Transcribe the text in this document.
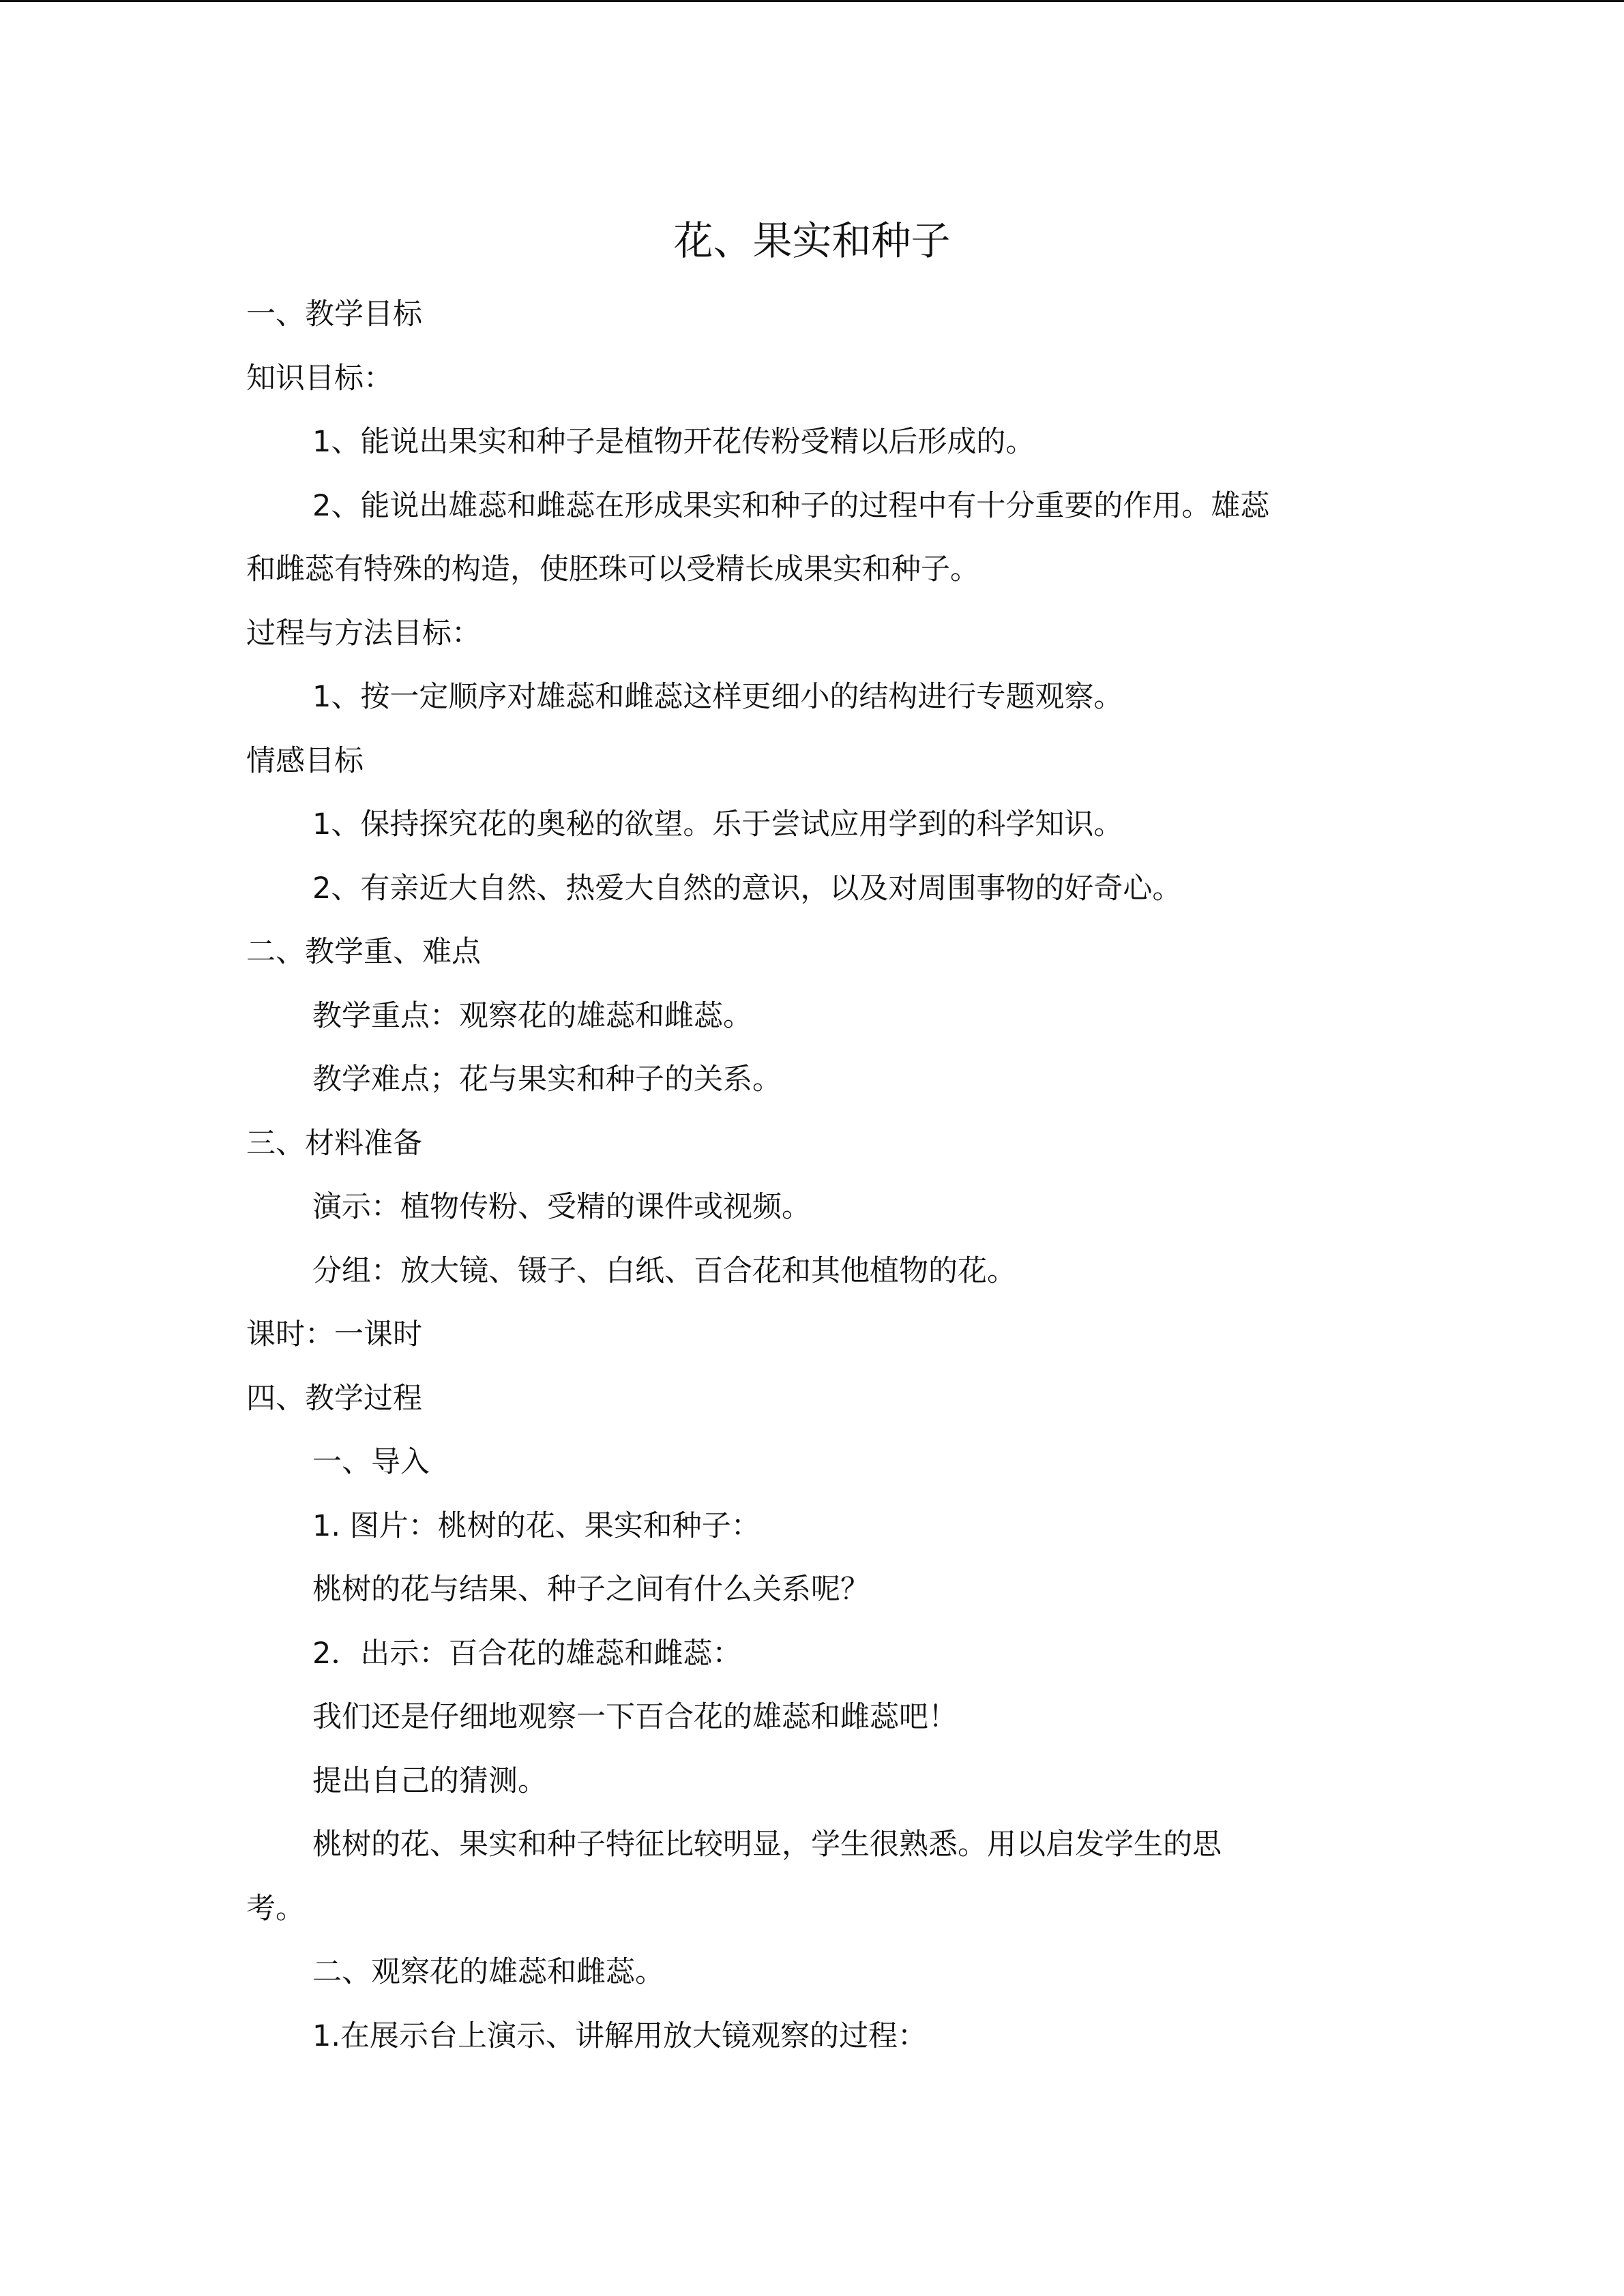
花、果实和种子
一、教学目标
知识目标：
1、能说出果实和种子是植物开花传粉受精以后形成的。
2、能说出雄蕊和雌蕊在形成果实和种子的过程中有十分重要的作用。雄蕊
和雌蕊有特殊的构造，使胚珠可以受精长成果实和种子。
过程与方法目标：
1、按一定顺序对雄蕊和雌蕊这样更细小的结构进行专题观察。
情感目标
1、保持探究花的奥秘的欲望。乐于尝试应用学到的科学知识。
2、有亲近大自然、热爱大自然的意识，以及对周围事物的好奇心。
二、教学重、难点
教学重点：观察花的雄蕊和雌蕊。
教学难点；花与果实和种子的关系。
三、材料准备
演示：植物传粉、受精的课件或视频。
分组：放大镜、镊子、白纸、百合花和其他植物的花。
课时：一课时
四、教学过程
一、导入
1. 图片：桃树的花、果实和种子：
桃树的花与结果、种子之间有什么关系呢？
2．出示：百合花的雄蕊和雌蕊：
我们还是仔细地观察一下百合花的雄蕊和雌蕊吧！
提出自己的猜测。
桃树的花、果实和种子特征比较明显，学生很熟悉。用以启发学生的思
考。
二、观察花的雄蕊和雌蕊。
1.在展示台上演示、讲解用放大镜观察的过程：
